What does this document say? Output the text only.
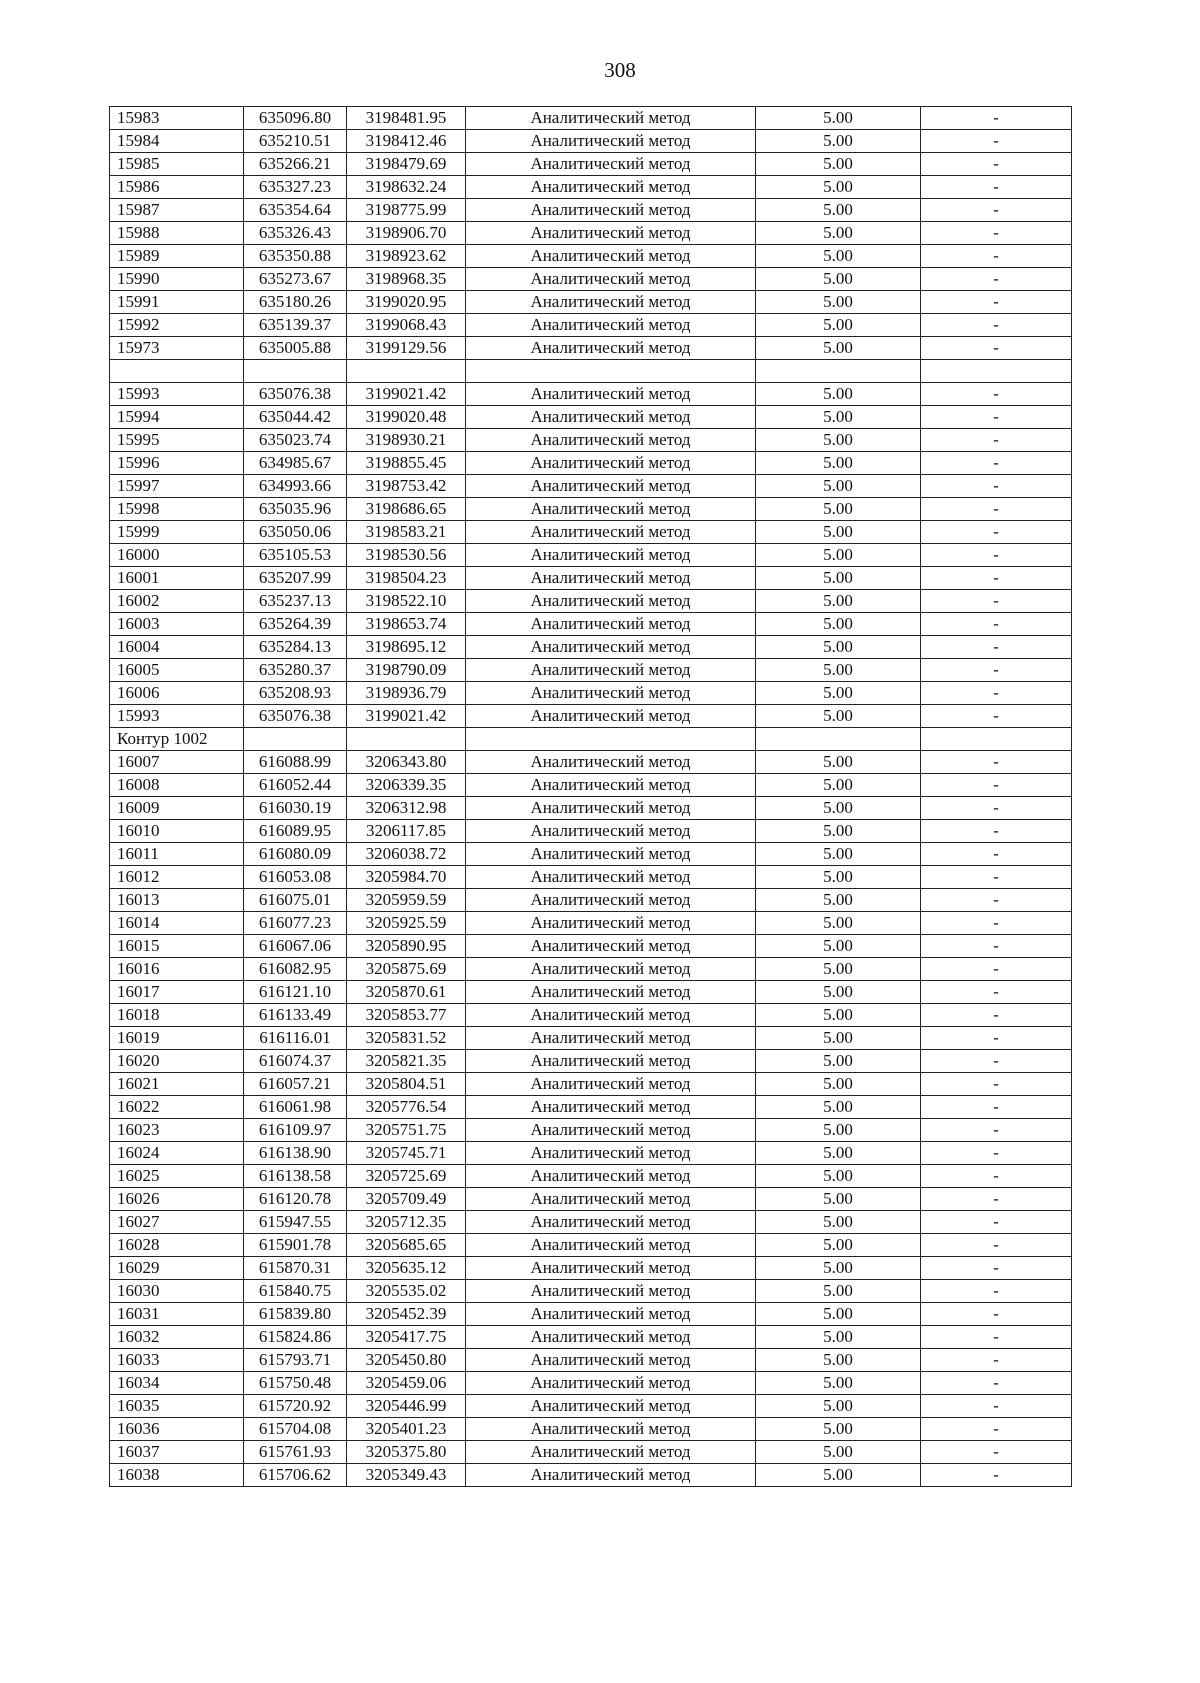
308
15983	635096.80	3198481.95	Аналитический метод	5.00	-
15984	635210.51	3198412.46	Аналитический метод	5.00	-
15985	635266.21	3198479.69	Аналитический метод	5.00	-
15986	635327.23	3198632.24	Аналитический метод	5.00	-
15987	635354.64	3198775.99	Аналитический метод	5.00	-
15988	635326.43	3198906.70	Аналитический метод	5.00	-
15989	635350.88	3198923.62	Аналитический метод	5.00	-
15990	635273.67	3198968.35	Аналитический метод	5.00	-
15991	635180.26	3199020.95	Аналитический метод	5.00	-
15992	635139.37	3199068.43	Аналитический метод	5.00	-
15973	635005.88	3199129.56	Аналитический метод	5.00	-

15993	635076.38	3199021.42	Аналитический метод	5.00	-
15994	635044.42	3199020.48	Аналитический метод	5.00	-
15995	635023.74	3198930.21	Аналитический метод	5.00	-
15996	634985.67	3198855.45	Аналитический метод	5.00	-
15997	634993.66	3198753.42	Аналитический метод	5.00	-
15998	635035.96	3198686.65	Аналитический метод	5.00	-
15999	635050.06	3198583.21	Аналитический метод	5.00	-
16000	635105.53	3198530.56	Аналитический метод	5.00	-
16001	635207.99	3198504.23	Аналитический метод	5.00	-
16002	635237.13	3198522.10	Аналитический метод	5.00	-
16003	635264.39	3198653.74	Аналитический метод	5.00	-
16004	635284.13	3198695.12	Аналитический метод	5.00	-
16005	635280.37	3198790.09	Аналитический метод	5.00	-
16006	635208.93	3198936.79	Аналитический метод	5.00	-
15993	635076.38	3199021.42	Аналитический метод	5.00	-
Контур 1002					
16007	616088.99	3206343.80	Аналитический метод	5.00	-
16008	616052.44	3206339.35	Аналитический метод	5.00	-
16009	616030.19	3206312.98	Аналитический метод	5.00	-
16010	616089.95	3206117.85	Аналитический метод	5.00	-
16011	616080.09	3206038.72	Аналитический метод	5.00	-
16012	616053.08	3205984.70	Аналитический метод	5.00	-
16013	616075.01	3205959.59	Аналитический метод	5.00	-
16014	616077.23	3205925.59	Аналитический метод	5.00	-
16015	616067.06	3205890.95	Аналитический метод	5.00	-
16016	616082.95	3205875.69	Аналитический метод	5.00	-
16017	616121.10	3205870.61	Аналитический метод	5.00	-
16018	616133.49	3205853.77	Аналитический метод	5.00	-
16019	616116.01	3205831.52	Аналитический метод	5.00	-
16020	616074.37	3205821.35	Аналитический метод	5.00	-
16021	616057.21	3205804.51	Аналитический метод	5.00	-
16022	616061.98	3205776.54	Аналитический метод	5.00	-
16023	616109.97	3205751.75	Аналитический метод	5.00	-
16024	616138.90	3205745.71	Аналитический метод	5.00	-
16025	616138.58	3205725.69	Аналитический метод	5.00	-
16026	616120.78	3205709.49	Аналитический метод	5.00	-
16027	615947.55	3205712.35	Аналитический метод	5.00	-
16028	615901.78	3205685.65	Аналитический метод	5.00	-
16029	615870.31	3205635.12	Аналитический метод	5.00	-
16030	615840.75	3205535.02	Аналитический метод	5.00	-
16031	615839.80	3205452.39	Аналитический метод	5.00	-
16032	615824.86	3205417.75	Аналитический метод	5.00	-
16033	615793.71	3205450.80	Аналитический метод	5.00	-
16034	615750.48	3205459.06	Аналитический метод	5.00	-
16035	615720.92	3205446.99	Аналитический метод	5.00	-
16036	615704.08	3205401.23	Аналитический метод	5.00	-
16037	615761.93	3205375.80	Аналитический метод	5.00	-
16038	615706.62	3205349.43	Аналитический метод	5.00	-
